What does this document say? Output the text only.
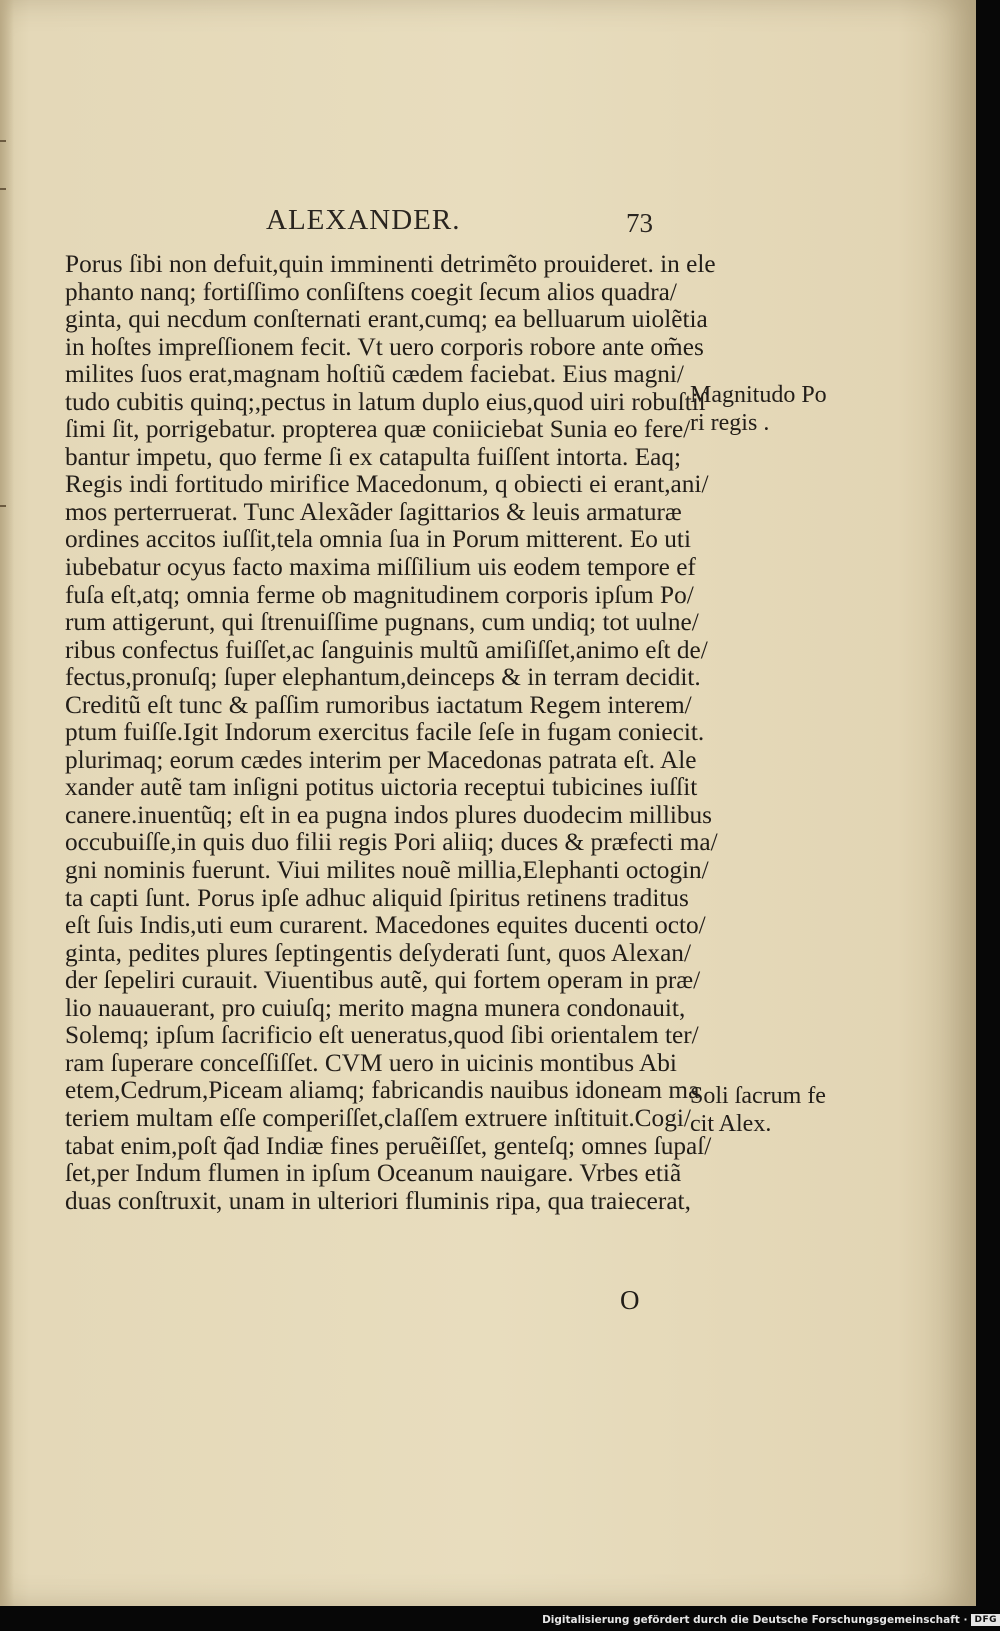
ALEXANDER.	73
Porus ſibi non defuit,quin imminenti detrimẽto prouideret. in ele
phanto nanq; fortiſſimo conſiſtens coegit ſecum alios quadra/
ginta, qui necdum conſternati erant,cumq; ea belluarum uiolẽtia
in hoſtes impreſſionem fecit. Vt uero corporis robore ante om̃es
milites ſuos erat,magnam hoſtiũ cædem faciebat. Eius magni/
tudo cubitis quinq;,pectus in latum duplo eius,quod uiri robuſtiſ
ſimi ſit, porrigebatur. propterea quæ coniiciebat Sunia eo fere/
bantur impetu, quo ferme ſi ex catapulta fuiſſent intorta. Eaq;
Regis indi fortitudo mirifice Macedonum, q obiecti ei erant,ani/
mos perterruerat. Tunc Alexãder ſagittarios & leuis armaturæ
ordines accitos iuſſit,tela omnia ſua in Porum mitterent. Eo uti
iubebatur ocyus facto maxima miſſilium uis eodem tempore ef
fuſa eſt,atq; omnia ferme ob magnitudinem corporis ipſum Po/
rum attigerunt, qui ſtrenuiſſime pugnans, cum undiq; tot uulne/
ribus confectus fuiſſet,ac ſanguinis multũ amiſiſſet,animo eſt de/
fectus,pronuſq; ſuper elephantum,deinceps & in terram decidit.
Creditũ eſt tunc & paſſim rumoribus iactatum Regem interem/
ptum fuiſſe.Igit Indorum exercitus facile ſeſe in fugam coniecit.
plurimaq; eorum cædes interim per Macedonas patrata eſt. Ale
xander autẽ tam inſigni potitus uictoria receptui tubicines iuſſit
canere.inuentũq; eſt in ea pugna indos plures duodecim millibus
occubuiſſe,in quis duo filii regis Pori aliiq; duces & præfecti ma/
gni nominis fuerunt. Viui milites nouẽ millia,Elephanti octogin/
ta capti ſunt. Porus ipſe adhuc aliquid ſpiritus retinens traditus
eſt ſuis Indis,uti eum curarent. Macedones equites ducenti octo/
ginta, pedites plures ſeptingentis deſyderati ſunt, quos Alexan/
der ſepeliri curauit. Viuentibus autẽ, qui fortem operam in præ/
lio nauauerant, pro cuiuſq; merito magna munera condonauit,
Solemq; ipſum ſacrificio eſt ueneratus,quod ſibi orientalem ter/
ram ſuperare conceſſiſſet. CVM uero in uicinis montibus Abi
etem,Cedrum,Piceam aliamq; fabricandis nauibus idoneam ma
teriem multam eſſe comperiſſet,claſſem extruere inſtituit.Cogi/
tabat enim,poſt q̃ad Indiæ fines peruẽiſſet, genteſq; omnes ſupaſ/
ſet,per Indum flumen in ipſum Oceanum nauigare. Vrbes etiã
duas conſtruxit, unam in ulteriori fluminis ripa, qua traiecerat,
Magnitudo Po
ri regis .
Soli ſacrum fe
cit Alex.
O
Digitalisierung gefördert durch die Deutsche Forschungsgemeinschaft · DFG
